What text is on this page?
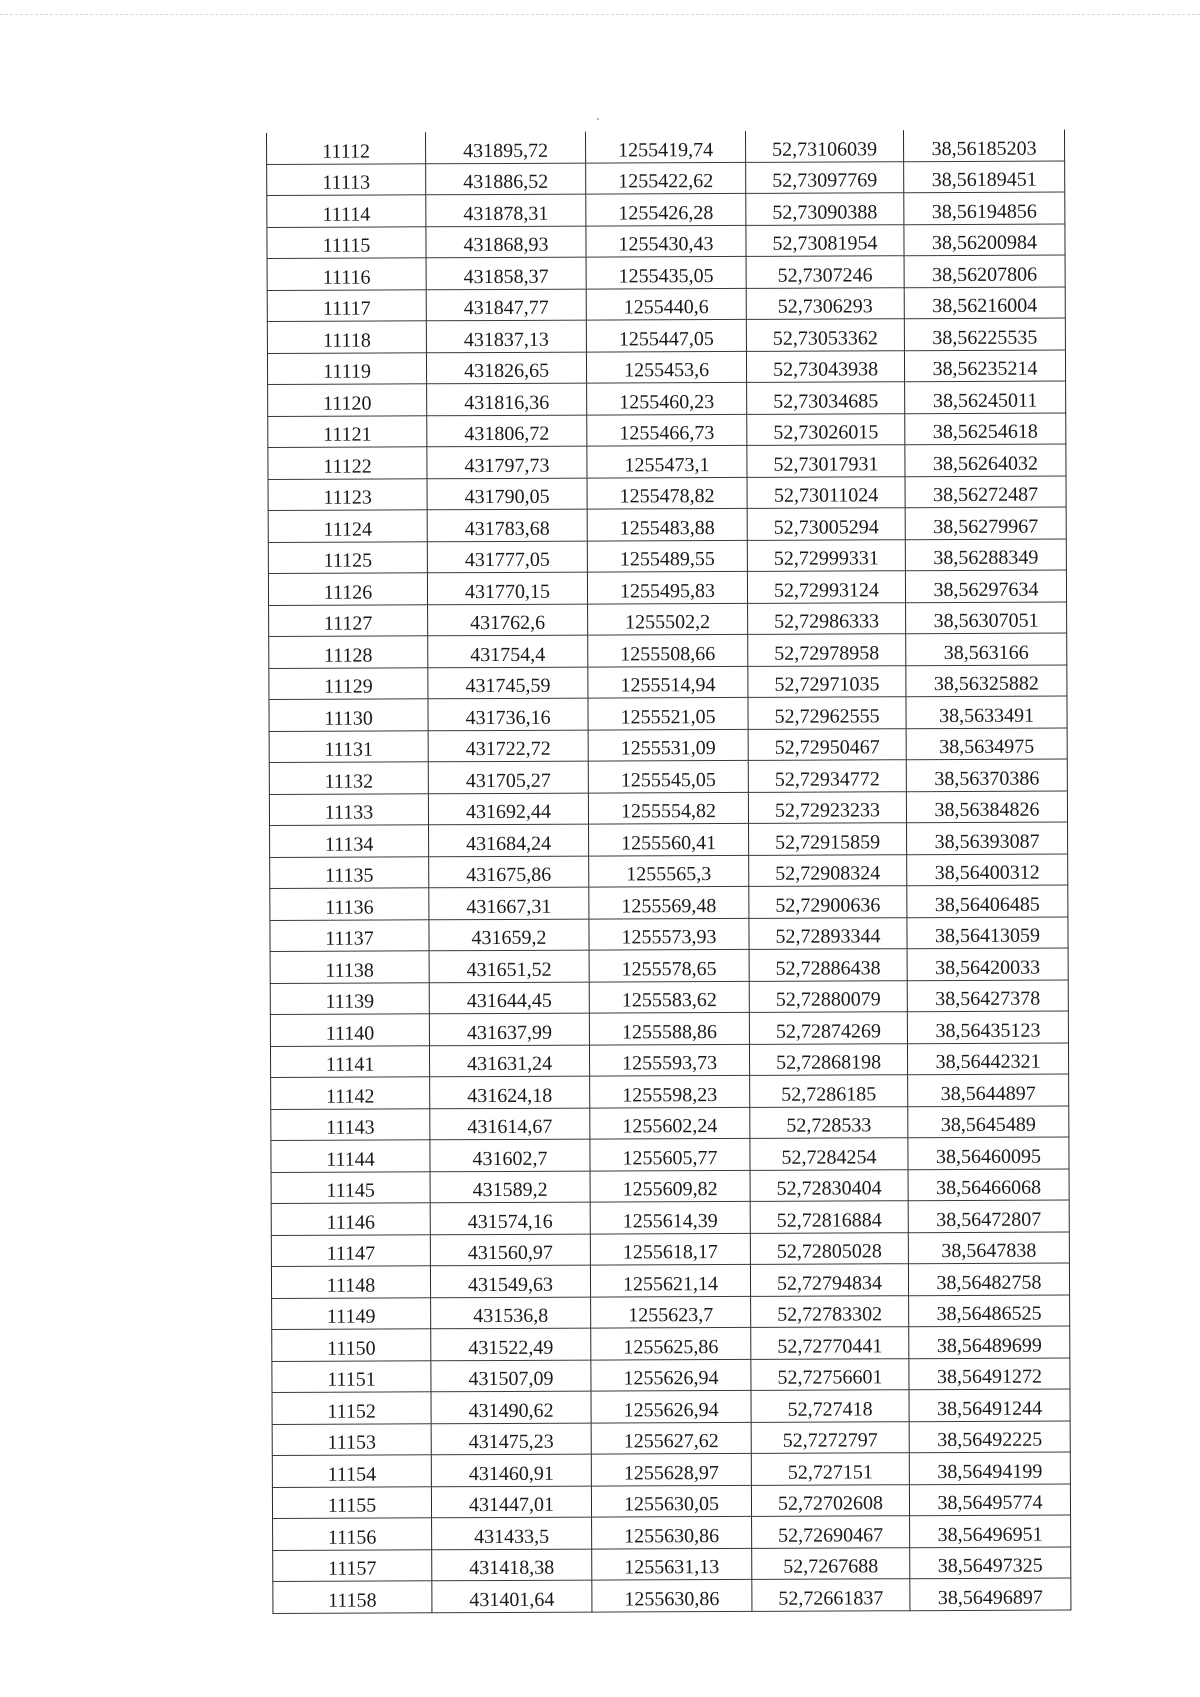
11112	431895,72	1255419,74	52,73106039	38,56185203
11113	431886,52	1255422,62	52,73097769	38,56189451
11114	431878,31	1255426,28	52,73090388	38,56194856
11115	431868,93	1255430,43	52,73081954	38,56200984
11116	431858,37	1255435,05	52,7307246	38,56207806
11117	431847,77	1255440,6	52,7306293	38,56216004
11118	431837,13	1255447,05	52,73053362	38,56225535
11119	431826,65	1255453,6	52,73043938	38,56235214
11120	431816,36	1255460,23	52,73034685	38,56245011
11121	431806,72	1255466,73	52,73026015	38,56254618
11122	431797,73	1255473,1	52,73017931	38,56264032
11123	431790,05	1255478,82	52,73011024	38,56272487
11124	431783,68	1255483,88	52,73005294	38,56279967
11125	431777,05	1255489,55	52,72999331	38,56288349
11126	431770,15	1255495,83	52,72993124	38,56297634
11127	431762,6	1255502,2	52,72986333	38,56307051
11128	431754,4	1255508,66	52,72978958	38,563166
11129	431745,59	1255514,94	52,72971035	38,56325882
11130	431736,16	1255521,05	52,72962555	38,5633491
11131	431722,72	1255531,09	52,72950467	38,5634975
11132	431705,27	1255545,05	52,72934772	38,56370386
11133	431692,44	1255554,82	52,72923233	38,56384826
11134	431684,24	1255560,41	52,72915859	38,56393087
11135	431675,86	1255565,3	52,72908324	38,56400312
11136	431667,31	1255569,48	52,72900636	38,56406485
11137	431659,2	1255573,93	52,72893344	38,56413059
11138	431651,52	1255578,65	52,72886438	38,56420033
11139	431644,45	1255583,62	52,72880079	38,56427378
11140	431637,99	1255588,86	52,72874269	38,56435123
11141	431631,24	1255593,73	52,72868198	38,56442321
11142	431624,18	1255598,23	52,7286185	38,5644897
11143	431614,67	1255602,24	52,728533	38,5645489
11144	431602,7	1255605,77	52,7284254	38,56460095
11145	431589,2	1255609,82	52,72830404	38,56466068
11146	431574,16	1255614,39	52,72816884	38,56472807
11147	431560,97	1255618,17	52,72805028	38,5647838
11148	431549,63	1255621,14	52,72794834	38,56482758
11149	431536,8	1255623,7	52,72783302	38,56486525
11150	431522,49	1255625,86	52,72770441	38,56489699
11151	431507,09	1255626,94	52,72756601	38,56491272
11152	431490,62	1255626,94	52,727418	38,56491244
11153	431475,23	1255627,62	52,7272797	38,56492225
11154	431460,91	1255628,97	52,727151	38,56494199
11155	431447,01	1255630,05	52,72702608	38,56495774
11156	431433,5	1255630,86	52,72690467	38,56496951
11157	431418,38	1255631,13	52,7267688	38,56497325
11158	431401,64	1255630,86	52,72661837	38,56496897
